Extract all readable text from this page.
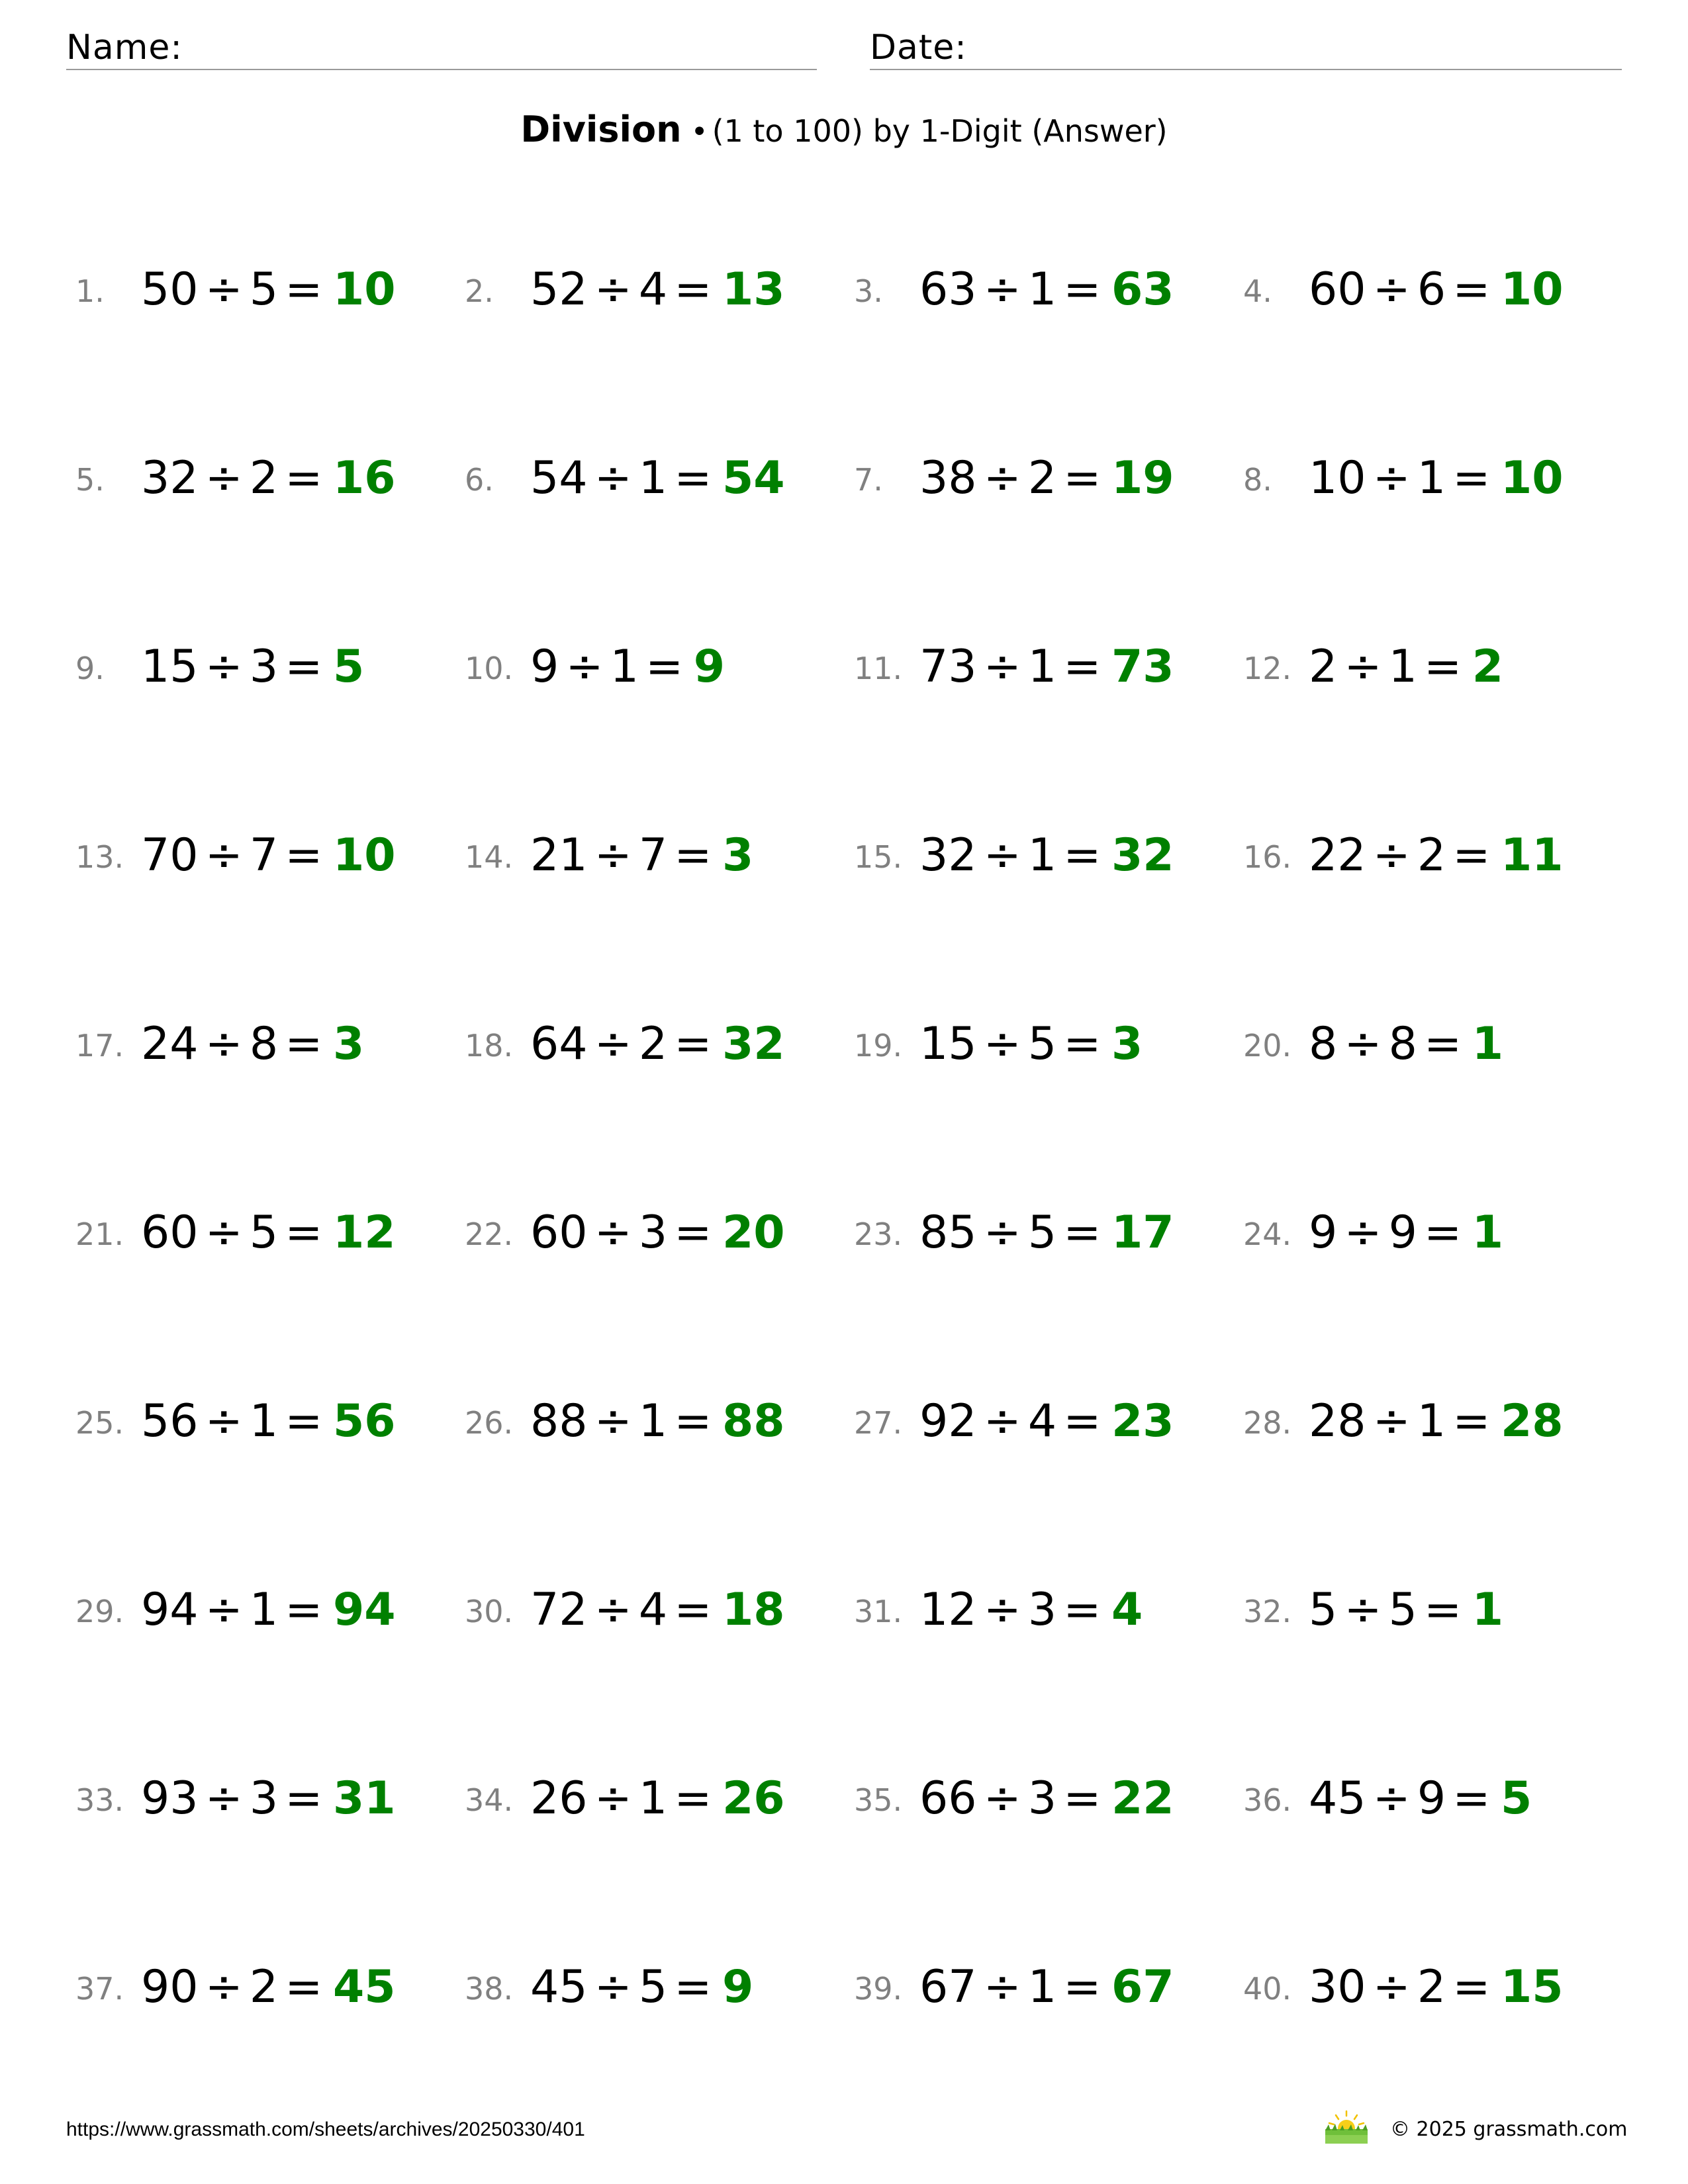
Name:	Date:
Division • (1 to 100) by 1-Digit (Answer)
1. 50 ÷ 5 = 10 2. 52 ÷ 4 = 13 3. 63 ÷ 1 = 63 4. 60 ÷ 6 = 10
5. 32 ÷ 2 = 16 6. 54 ÷ 1 = 54 7. 38 ÷ 2 = 19 8. 10 ÷ 1 = 10
9. 15 ÷ 3 = 5	10. 9 ÷ 1 = 9	11. 73 ÷ 1 = 73 12. 2 ÷ 1 = 2
13. 70 ÷ 7 = 10 14. 21 ÷ 7 = 3	15. 32 ÷ 1 = 32 16. 22 ÷ 2 = 11
17. 24 ÷ 8 = 3	18. 64 ÷ 2 = 32 19. 15 ÷ 5 = 3	20. 8 ÷ 8 = 1
21. 60 ÷ 5 = 12 22. 60 ÷ 3 = 20 23. 85 ÷ 5 = 17 24. 9 ÷ 9 = 1
25. 56 ÷ 1 = 56 26. 88 ÷ 1 = 88 27. 92 ÷ 4 = 23 28. 28 ÷ 1 = 28
29. 94 ÷ 1 = 94 30. 72 ÷ 4 = 18 31. 12 ÷ 3 = 4	32. 5 ÷ 5 = 1
33. 93 ÷ 3 = 31 34. 26 ÷ 1 = 26 35. 66 ÷ 3 = 22 36. 45 ÷ 9 = 5
37. 90 ÷ 2 = 45 38. 45 ÷ 5 = 9	39. 67 ÷ 1 = 67 40. 30 ÷ 2 = 15
https://www.grassmath.com/sheets/archives/20250330/401	© 2025 grassmath.com
